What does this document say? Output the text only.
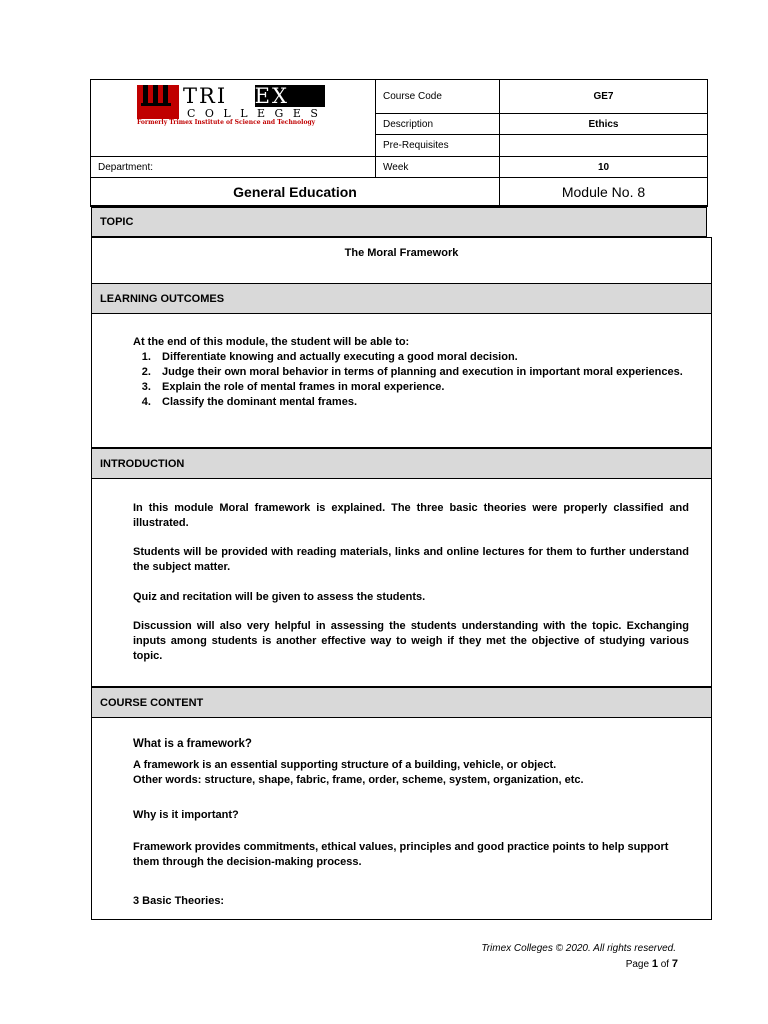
T R I M E X
C O L L E G E S
Formerly Trimex Institute of Science and Technology
Course Code	GE7
Description	Ethics
Pre-Requisites
Department:	Week	10
General Education	Module No. 8
TOPIC
The Moral Framework
LEARNING OUTCOMES
At the end of this module, the student will be able to:
1. Differentiate knowing and actually executing a good moral decision.
2. Judge their own moral behavior in terms of planning and execution in important moral experiences.
3. Explain the role of mental frames in moral experience.
4. Classify the dominant mental frames.
INTRODUCTION
In this module Moral framework is explained. The three basic theories were properly classified and illustrated.
Students will be provided with reading materials, links and online lectures for them to further understand the subject matter.
Quiz and recitation will be given to assess the students.
Discussion will also very helpful in assessing the students understanding with the topic. Exchanging inputs among students is another effective way to weigh if they met the objective of studying various topic.
COURSE CONTENT
What is a framework?
A framework is an essential supporting structure of a building, vehicle, or object.
Other words: structure, shape, fabric, frame, order, scheme, system, organization, etc.
Why is it important?
Framework provides commitments, ethical values, principles and good practice points to help support them through the decision-making process.
3 Basic Theories:
Trimex Colleges © 2020. All rights reserved.
Page 1 of 7
